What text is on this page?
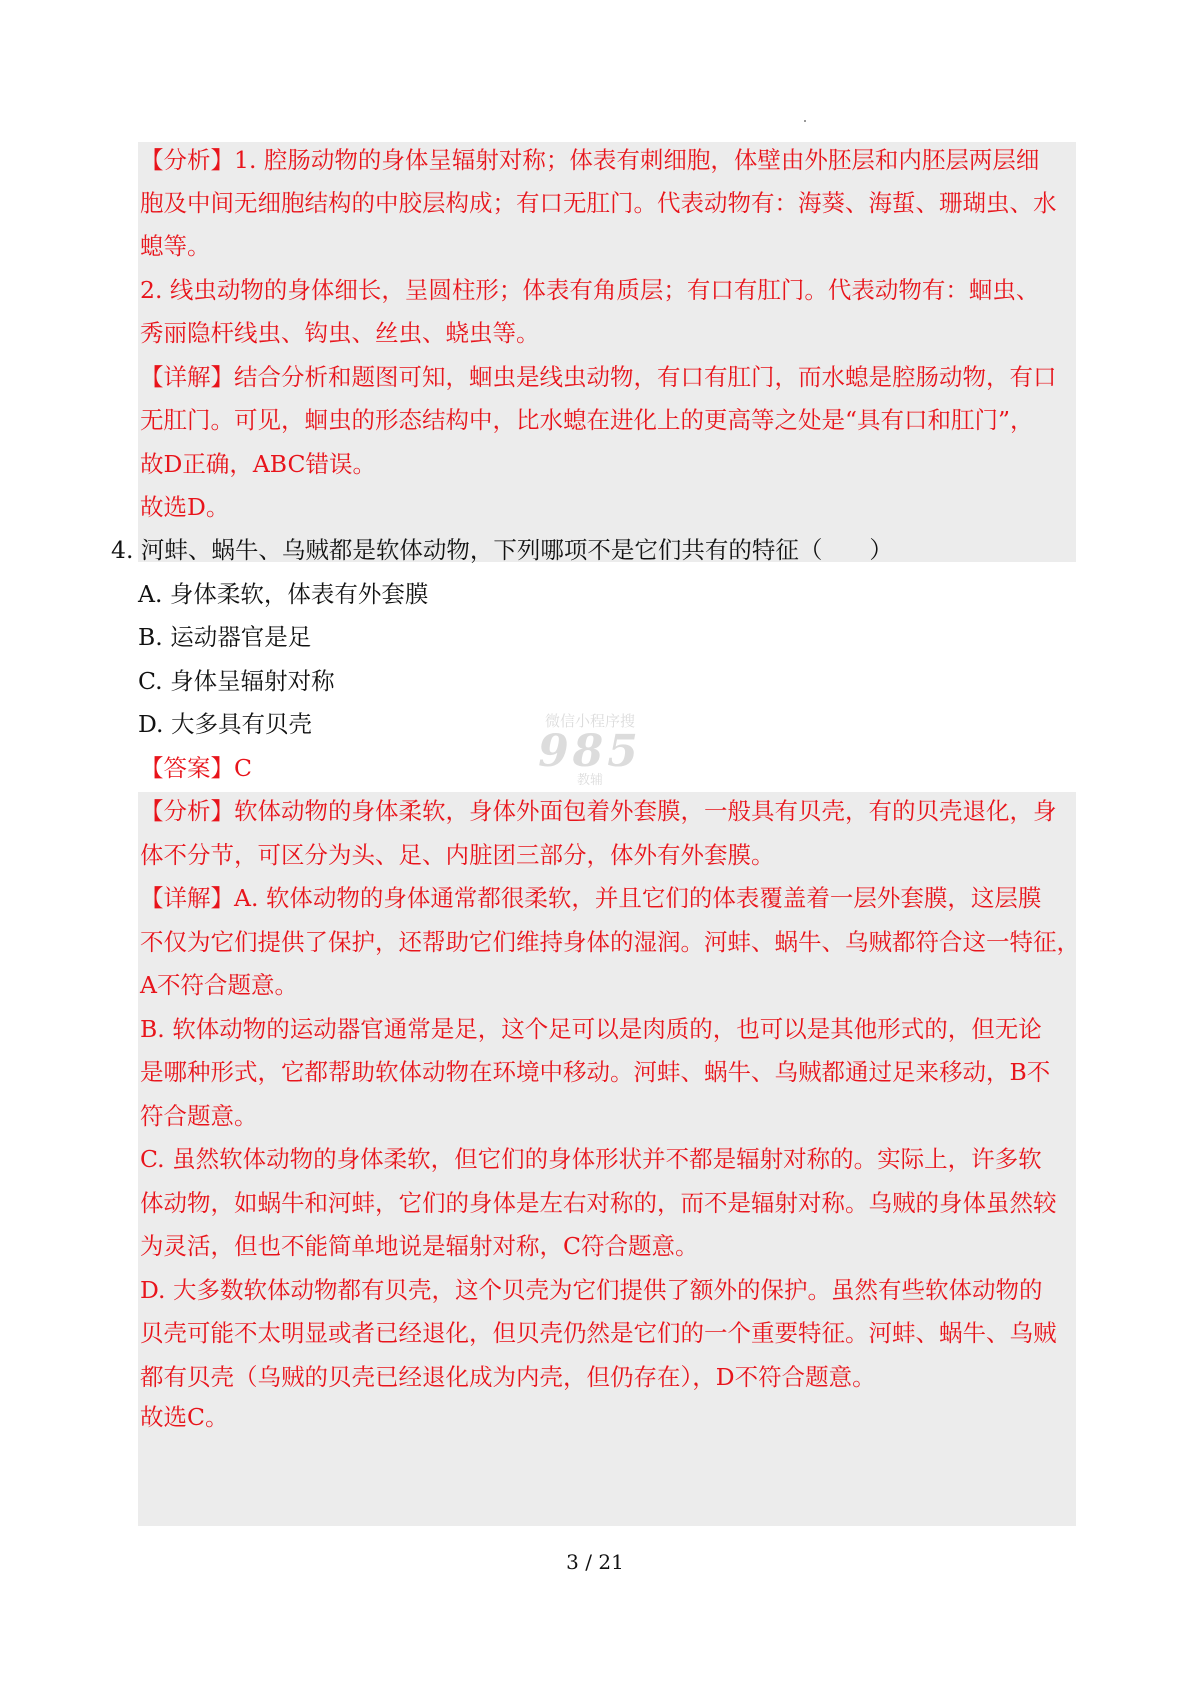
微信小程序搜
985
教辅
【分析】1. 腔肠动物的身体呈辐射对称；体表有刺细胞，体壁由外胚层和内胚层两层细
胞及中间无细胞结构的中胶层构成；有口无肛门。代表动物有：海葵、海蜇、珊瑚虫、水
螅等。
2. 线虫动物的身体细长，呈圆柱形；体表有角质层；有口有肛门。代表动物有：蛔虫、
秀丽隐杆线虫、钩虫、丝虫、蛲虫等。
【详解】结合分析和题图可知，蛔虫是线虫动物，有口有肛门，而水螅是腔肠动物，有口
无肛门。可见，蛔虫的形态结构中，比水螅在进化上的更高等之处是“具有口和肛门”，
故D正确，ABC错误。
故选D。
4. 河蚌、蜗牛、乌贼都是软体动物，下列哪项不是它们共有的特征（　　）
A. 身体柔软，体表有外套膜
B. 运动器官是足
C. 身体呈辐射对称
D. 大多具有贝壳
【答案】C
【分析】软体动物的身体柔软，身体外面包着外套膜，一般具有贝壳，有的贝壳退化，身
体不分节，可区分为头、足、内脏团三部分，体外有外套膜。
【详解】A. 软体动物的身体通常都很柔软，并且它们的体表覆盖着一层外套膜，这层膜
不仅为它们提供了保护，还帮助它们维持身体的湿润。河蚌、蜗牛、乌贼都符合这一特征，
A不符合题意。
B. 软体动物的运动器官通常是足，这个足可以是肉质的，也可以是其他形式的，但无论
是哪种形式，它都帮助软体动物在环境中移动。河蚌、蜗牛、乌贼都通过足来移动，B不
符合题意。
C. 虽然软体动物的身体柔软，但它们的身体形状并不都是辐射对称的。实际上，许多软
体动物，如蜗牛和河蚌，它们的身体是左右对称的，而不是辐射对称。乌贼的身体虽然较
为灵活，但也不能简单地说是辐射对称，C符合题意。
D. 大多数软体动物都有贝壳，这个贝壳为它们提供了额外的保护。虽然有些软体动物的
贝壳可能不太明显或者已经退化，但贝壳仍然是它们的一个重要特征。河蚌、蜗牛、乌贼
都有贝壳（乌贼的贝壳已经退化成为内壳，但仍存在），D不符合题意。
故选C。
3 / 21
